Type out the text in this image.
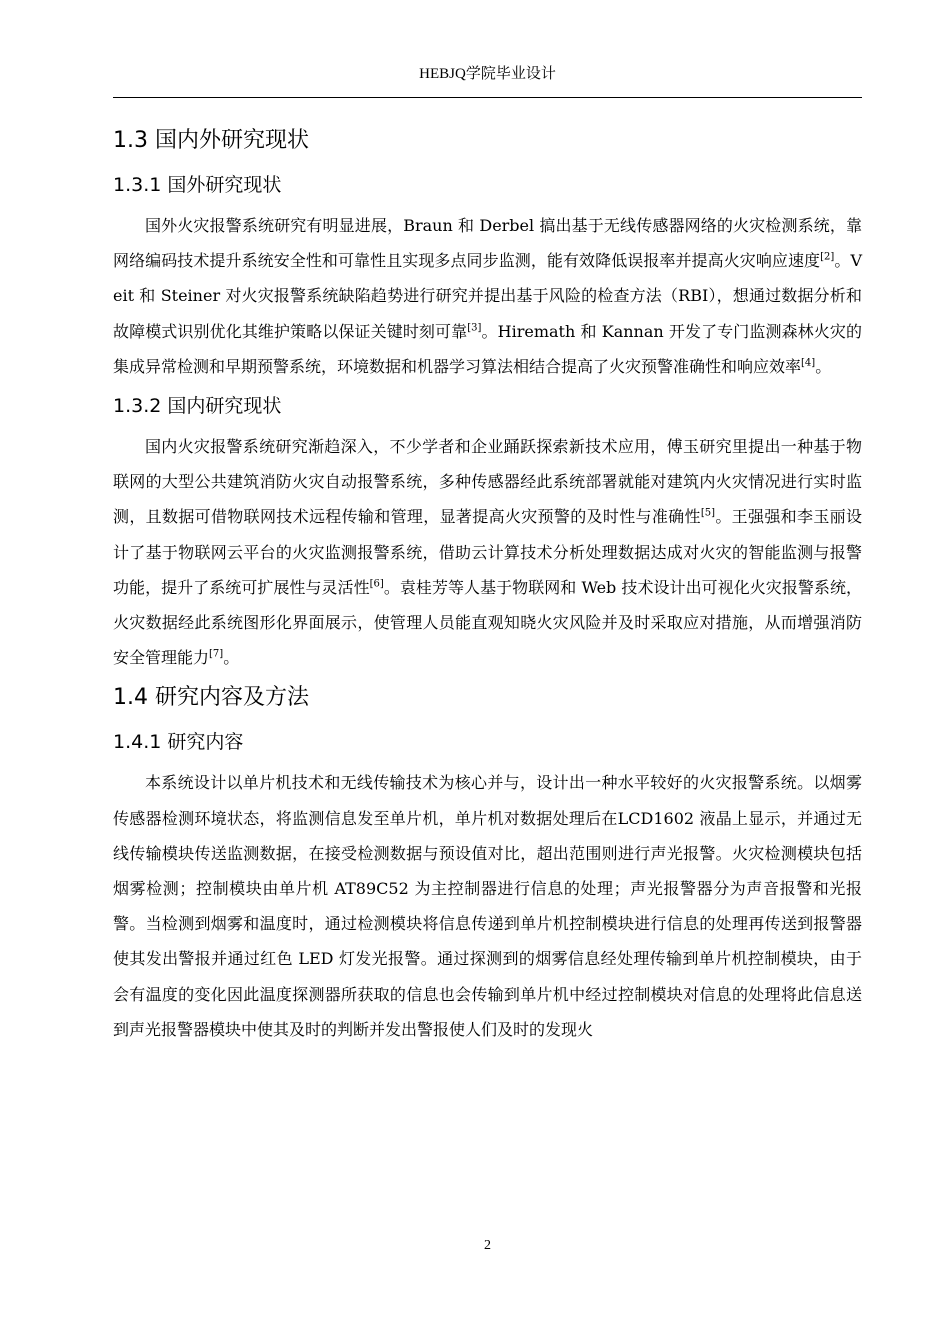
HEBJQ学院毕业设计
1.3 国内外研究现状
1.3.1 国外研究现状

国外火灾报警系统研究有明显进展，Braun 和 Derbel 搞出基于无线传感器网络的火灾检测系统，靠网络编码技术提升系统安全性和可靠性且实现多点同步监测，能有效降低误报率并提高火灾响应速度[2]。Veit 和 Steiner 对火灾报警系统缺陷趋势进行研究并提出基于风险的检查方法（RBI），想通过数据分析和故障模式识别优化其维护策略以保证关键时刻可靠[3]。Hiremath 和 Kannan 开发了专门监测森林火灾的集成异常检测和早期预警系统，环境数据和机器学习算法相结合提高了火灾预警准确性和响应效率[4]。

1.3.2 国内研究现状

国内火灾报警系统研究渐趋深入，不少学者和企业踊跃探索新技术应用，傅玉研究里提出一种基于物联网的大型公共建筑消防火灾自动报警系统，多种传感器经此系统部署就能对建筑内火灾情况进行实时监测，且数据可借物联网技术远程传输和管理，显著提高火灾预警的及时性与准确性[5]。王强强和李玉丽设计了基于物联网云平台的火灾监测报警系统，借助云计算技术分析处理数据达成对火灾的智能监测与报警功能，提升了系统可扩展性与灵活性[6]。袁桂芳等人基于物联网和 Web 技术设计出可视化火灾报警系统，火灾数据经此系统图形化界面展示，使管理人员能直观知晓火灾风险并及时采取应对措施，从而增强消防安全管理能力[7]。

1.4 研究内容及方法
1.4.1 研究内容

本系统设计以单片机技术和无线传输技术为核心并与，设计出一种水平较好的火灾报警系统。以烟雾传感器检测环境状态，将监测信息发至单片机，单片机对数据处理后在LCD1602 液晶上显示，并通过无线传输模块传送监测数据，在接受检测数据与预设值对比，超出范围则进行声光报警。火灾检测模块包括烟雾检测；控制模块由单片机 AT89C52 为主控制器进行信息的处理；声光报警器分为声音报警和光报警。当检测到烟雾和温度时，通过检测模块将信息传递到单片机控制模块进行信息的处理再传送到报警器使其发出警报并通过红色 LED 灯发光报警。通过探测到的烟雾信息经处理传输到单片机控制模块，由于会有温度的变化因此温度探测器所获取的信息也会传输到单片机中经过控制模块对信息的处理将此信息送到声光报警器模块中使其及时的判断并发出警报使人们及时的发现火

2
